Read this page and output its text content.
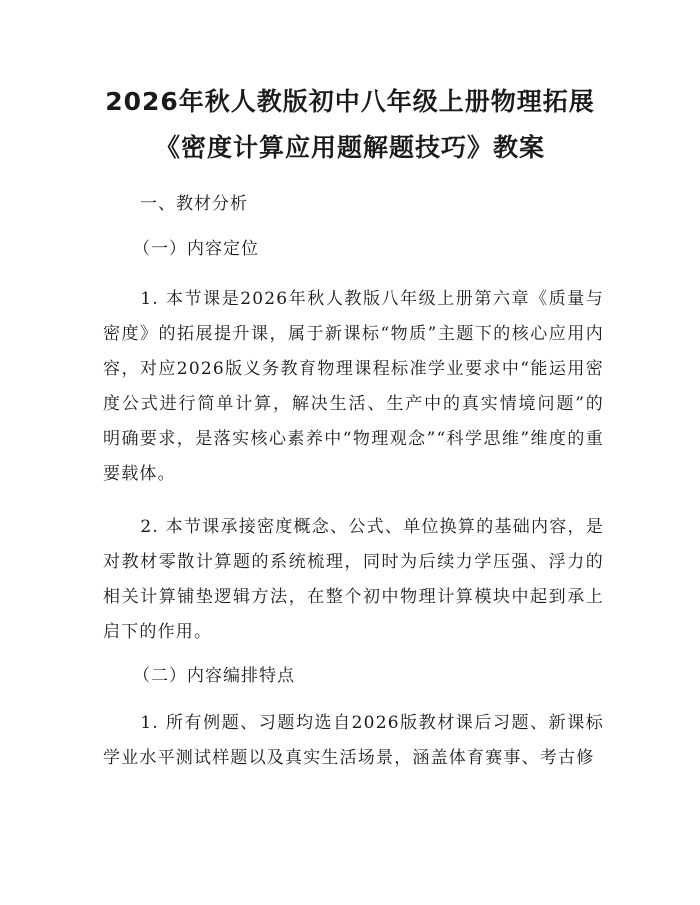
2026年秋人教版初中八年级上册物理拓展
《密度计算应用题解题技巧》教案
一、教材分析
（一）内容定位
1. 本节课是2026年秋人教版八年级上册第六章《质量与密度》的拓展提升课，属于新课标“物质”主题下的核心应用内容，对应2026版义务教育物理课程标准学业要求中“能运用密度公式进行简单计算，解决生活、生产中的真实情境问题”的明确要求，是落实核心素养中“物理观念”“科学思维”维度的重要载体。
2. 本节课承接密度概念、公式、单位换算的基础内容，是对教材零散计算题的系统梳理，同时为后续力学压强、浮力的相关计算铺垫逻辑方法，在整个初中物理计算模块中起到承上启下的作用。
（二）内容编排特点
1. 所有例题、习题均选自2026版教材课后习题、新课标学业水平测试样题以及真实生活场景，涵盖体育赛事、考古修
